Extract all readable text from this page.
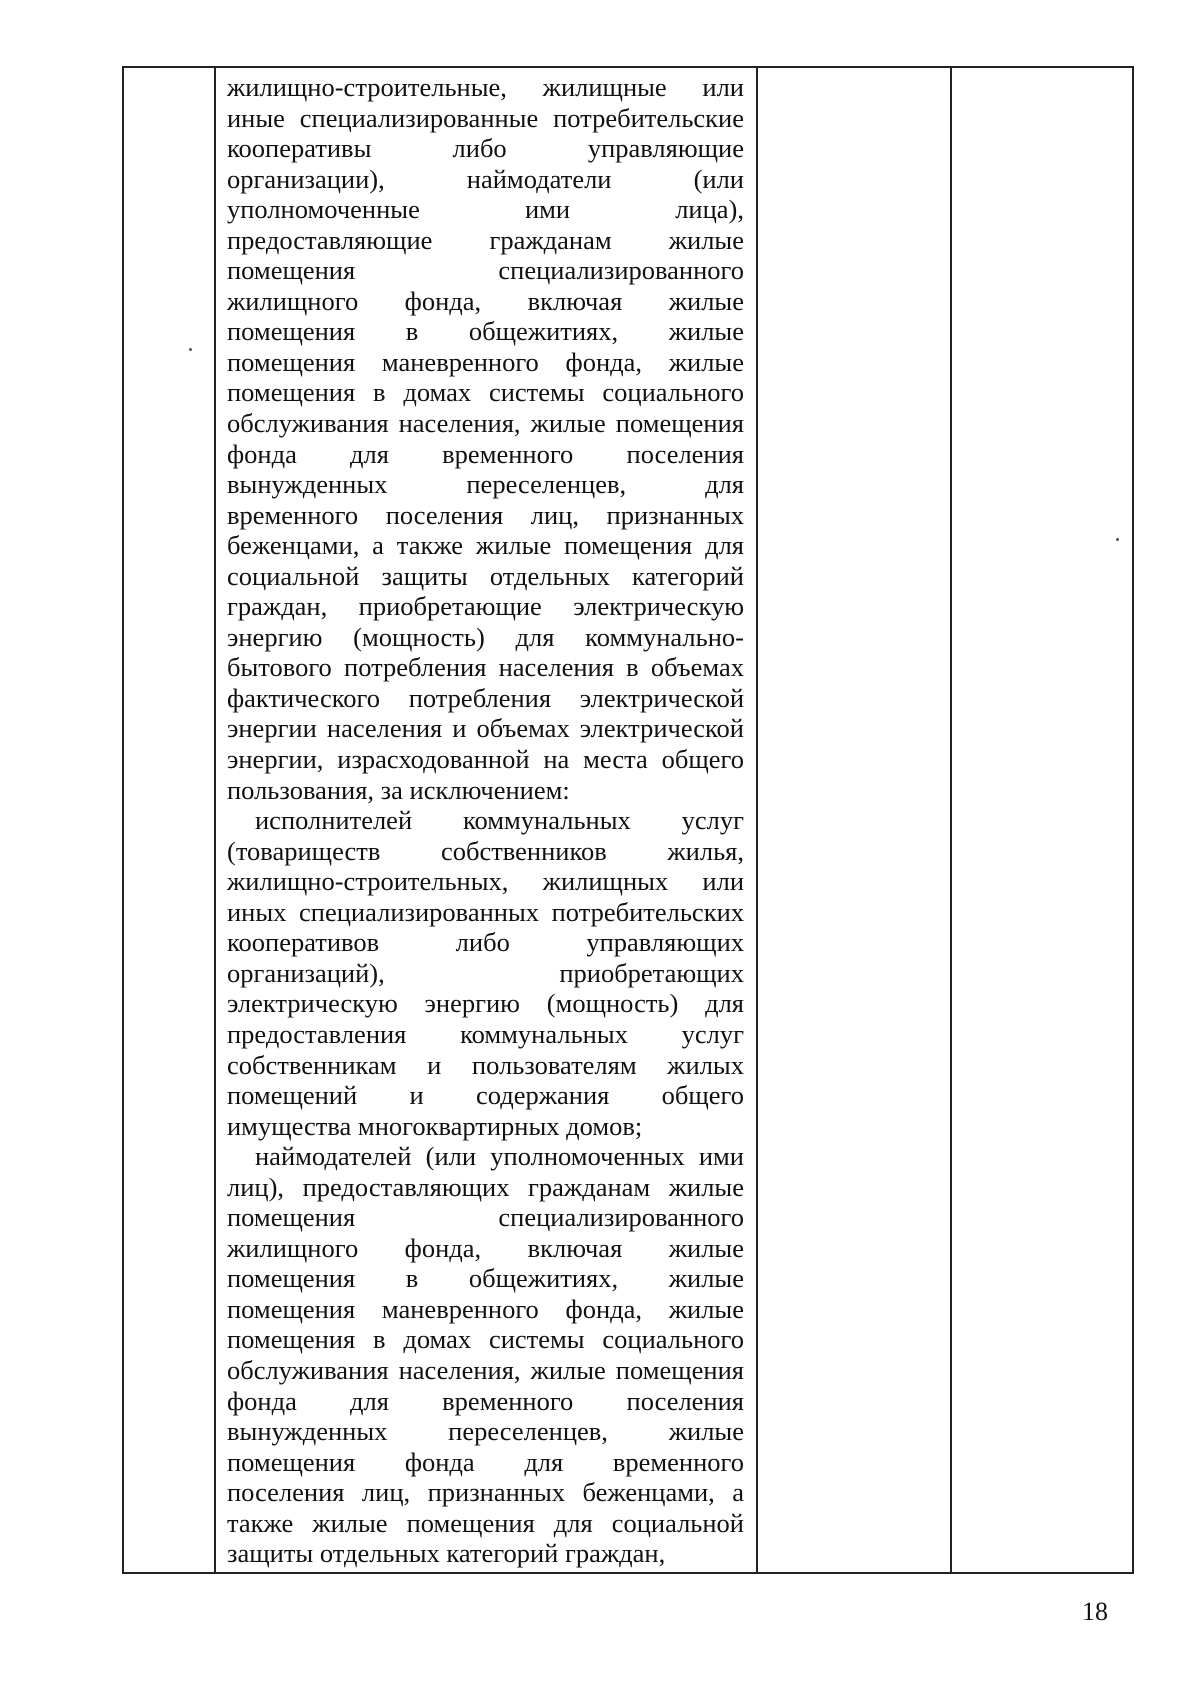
жилищно-строительные, жилищные или
иные специализированные потребительские
кооперативы либо управляющие
организации), наймодатели (или
уполномоченные ими лица),
предоставляющие гражданам жилые
помещения специализированного
жилищного фонда, включая жилые
помещения в общежитиях, жилые
помещения маневренного фонда, жилые
помещения в домах системы социального
обслуживания населения, жилые помещения
фонда для временного поселения
вынужденных переселенцев, для
временного поселения лиц, признанных
беженцами, а также жилые помещения для
социальной защиты отдельных категорий
граждан, приобретающие электрическую
энергию (мощность) для коммунально-
бытового потребления населения в объемах
фактического потребления электрической
энергии населения и объемах электрической
энергии, израсходованной на места общего
пользования, за исключением:

исполнителей коммунальных услуг
(товариществ собственников жилья,
жилищно-строительных, жилищных или
иных специализированных потребительских
кооперативов либо управляющих
организаций), приобретающих
электрическую энергию (мощность) для
предоставления коммунальных услуг
собственникам и пользователям жилых
помещений и содержания общего
имущества многоквартирных домов;

наймодателей (или уполномоченных ими
лиц), предоставляющих гражданам жилые
помещения специализированного
жилищного фонда, включая жилые
помещения в общежитиях, жилые
помещения маневренного фонда, жилые
помещения в домах системы социального
обслуживания населения, жилые помещения
фонда для временного поселения
вынужденных переселенцев, жилые
помещения фонда для временного
поселения лиц, признанных беженцами, а
также жилые помещения для социальной
защиты отдельных категорий граждан,

18
